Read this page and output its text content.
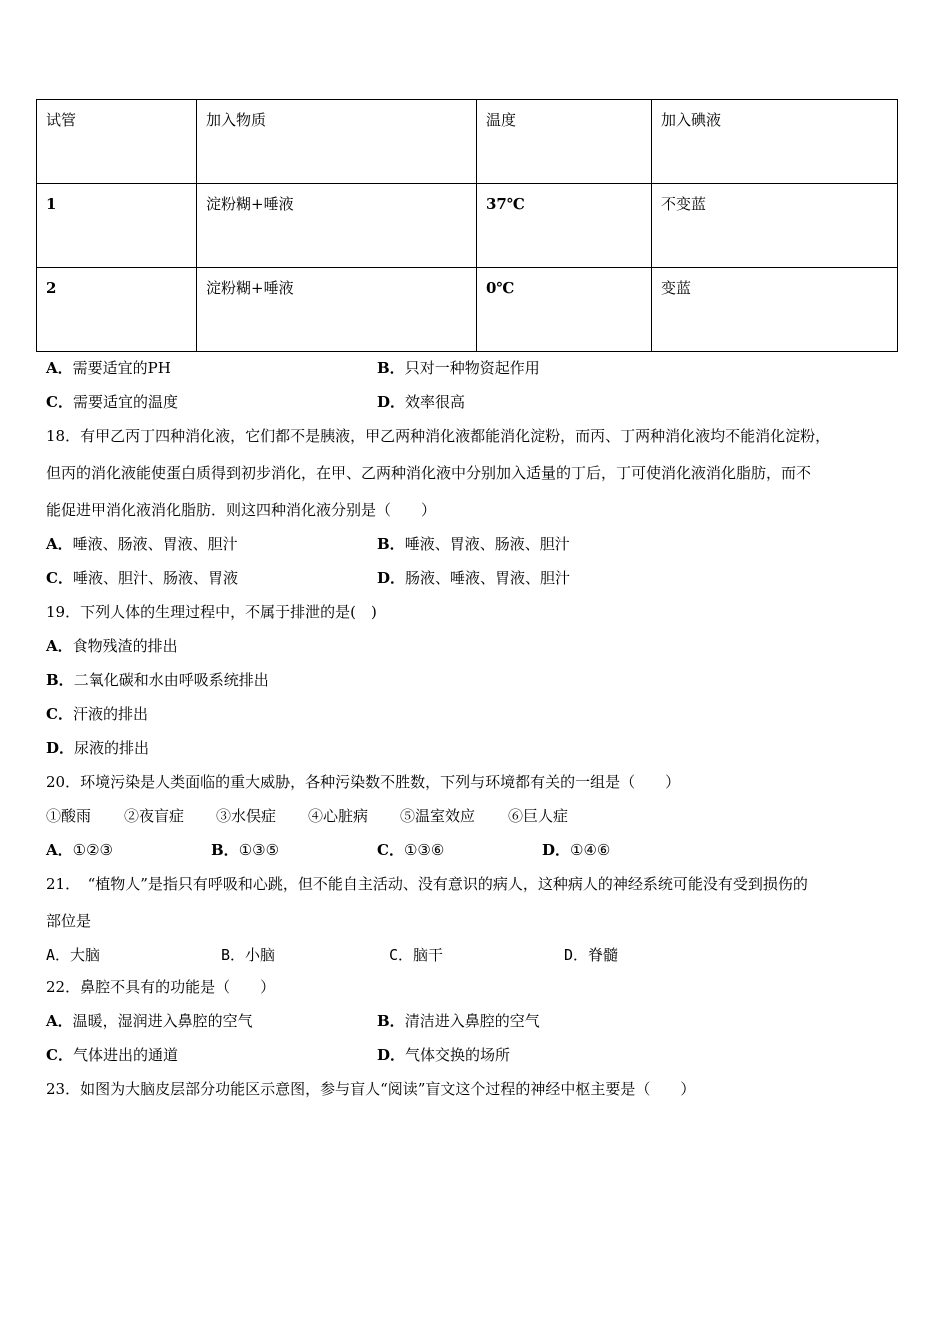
试管	加入物质	温度	加入碘液
1	淀粉糊+唾液	37℃	不变蓝
2	淀粉糊+唾液	0℃	变蓝
A．需要适宜的PH	B．只对一种物资起作用
C．需要适宜的温度	D．效率很高
18．有甲乙丙丁四种消化液，它们都不是胰液，甲乙两种消化液都能消化淀粉，而丙、丁两种消化液均不能消化淀粉，
但丙的消化液能使蛋白质得到初步消化，在甲、乙两种消化液中分别加入适量的丁后，丁可使消化液消化脂肪，而不
能促进甲消化液消化脂肪．则这四种消化液分别是（　　）
A．唾液、肠液、胃液、胆汁	B．唾液、胃液、肠液、胆汁
C．唾液、胆汁、肠液、胃液	D．肠液、唾液、胃液、胆汁
19．下列人体的生理过程中，不属于排泄的是(　)
A．食物残渣的排出
B．二氧化碳和水由呼吸系统排出
C．汗液的排出
D．尿液的排出
20．环境污染是人类面临的重大威胁，各种污染数不胜数，下列与环境都有关的一组是（　　）
①酸雨 ②夜盲症 ③水俣症 ④心脏病 ⑤温室效应 ⑥巨人症
A．①②③	B．①③⑤	C．①③⑥	D．①④⑥
21．　“植物人”是指只有呼吸和心跳，但不能自主活动、没有意识的病人，这种病人的神经系统可能没有受到损伤的
部位是
A．大脑	B．小脑	C．脑干	D．脊髓
22．鼻腔不具有的功能是（　　）
A．温暖，湿润进入鼻腔的空气	B．清洁进入鼻腔的空气
C．气体进出的通道	D．气体交换的场所
23．如图为大脑皮层部分功能区示意图，参与盲人“阅读”盲文这个过程的神经中枢主要是（　　）
